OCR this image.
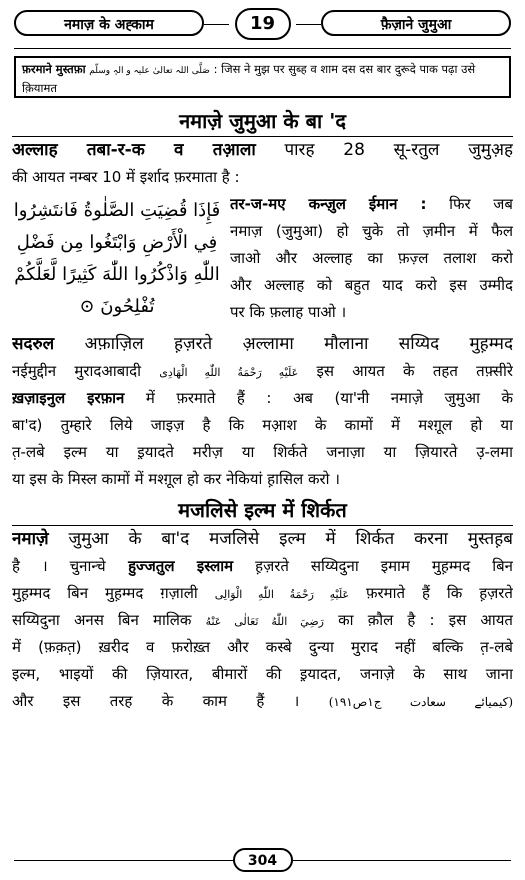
नमाज़ के अह्काम	19	फ़ैज़ाने जुमुआ
फ़रमाने मुस्तफ़ा صَلَّی اللہ تعالیٰ علیہ و الہٖ وسلّم : जिस ने मुझ पर सुब्ह व शाम दस दस बार दुरूदे पाक पढ़ा उसे क़ियामत
नमाज़े जुमुआ के बा 'द
अल्लाह तबा-र-क व तआ़ला पारह 28 सू-रतुल जुमुअ़ह
की आयत नम्बर 10 में इर्शाद फ़रमाता है :
فَإِذَا قُضِيَتِ الصَّلٰوةُ فَانتَشِرُوا
فِي الْأَرْضِ وَابْتَغُوا مِن فَضْلِ
اللّٰهِ وَاذْكُرُوا اللّٰهَ كَثِيرًا لَّعَلَّكُمْ
تُفْلِحُونَ ⊙
तर-ज-मए कन्ज़ुल ईमान : फिर जब
नमाज़ (जुमुआ) हो चुके तो ज़मीन में फैल
जाओ और अल्लाह का फ़ज़्ल तलाश करो
और अल्लाह को बहुत याद करो इस उम्मीद
पर कि फ़लाह पाओ ।
सदरुल अफ़ाज़िल ह़ज़रते अ़ल्लामा मौलाना सय्यिद मुह़म्मद
नईमुद्दीन मुरादआबादी عَلَيْهِ رَحْمَةُ اللّٰهِ الْهَادِى इस आयत के तहत तफ़्सीरे
ख़ज़ाइनुल इरफ़ान में फ़रमाते हैं : अब (या'नी नमाज़े जुमुआ के
बा'द) तुम्हारे लिये जाइज़ है कि मआ़श के कामों में मश्ग़ूल हो या
त़-लबे इल्म या इ़यादते मरीज़ या शिर्कते जनाज़ा या ज़ियारते उ़-लमा
या इस के मिस्ल कामों में मश्ग़ूल हो कर नेकियां ह़ासिल करो ।
मजलिसे इल्म में शिर्कत
नमाज़े जुमुआ के बा'द मजलिसे इल्म में शिर्कत करना मुस्तह़ब
है । चुनान्चे हुज्जतुल इस्लाम ह़ज़रते सय्यिदुना इमाम मुह़म्मद बिन
मुह़म्मद बिन मुह़म्मद ग़ज़ाली عَلَيْهِ رَحْمَةُ اللّٰهِ الْوَالِى फ़रमाते हैं कि ह़ज़रते
सय्यिदुना अनस बिन मालिक رَضِيَ اللّٰهُ تَعَالٰى عَنْهُ का क़ौल है : इस आयत
में (फ़क़त़) ख़रीद व फ़रोख़्त और कस्बे दुन्या मुराद नहीं बल्कि त़-लबे
इल्म, भाइयों की ज़ियारत, बीमारों की इ़यादत, जनाज़े के साथ जाना
और इस तरह के काम हैं । (کیمیائے سعادت ج۱ص۱۹۱)
304
